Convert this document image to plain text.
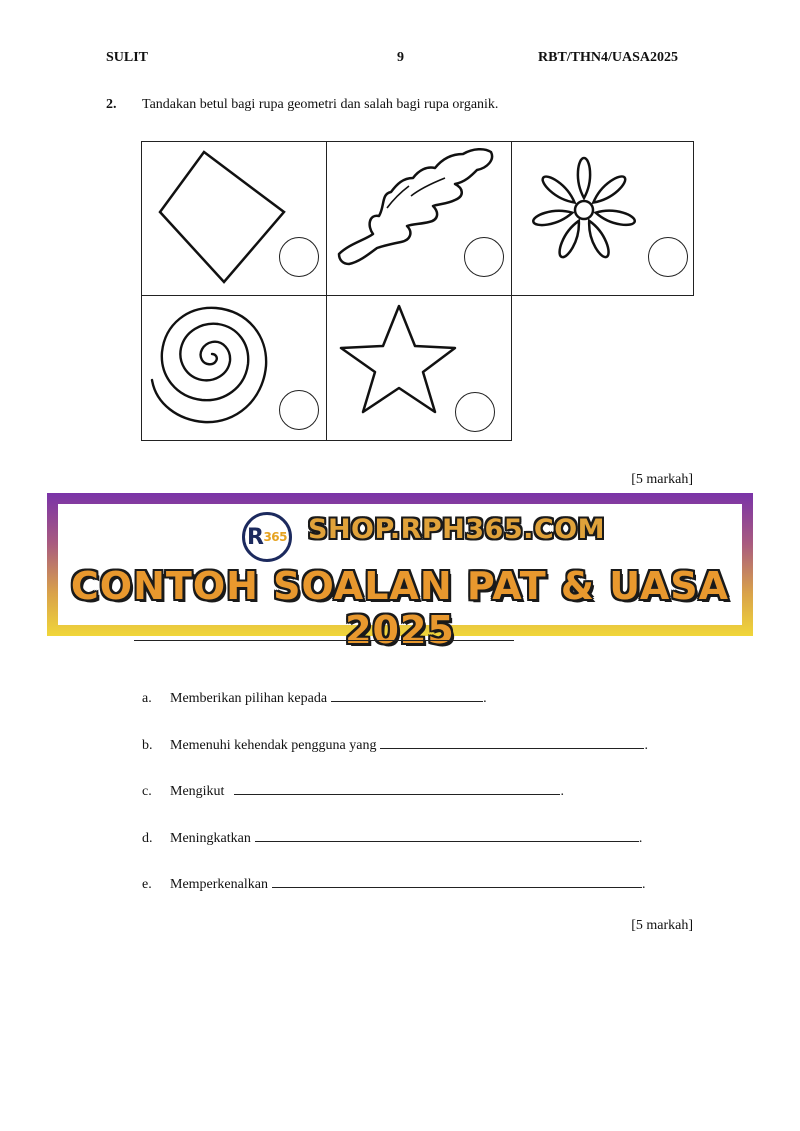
SULIT	9	RBT/THN4/UASA2025
2. Tandakan betul bagi rupa geometri dan salah bagi rupa organik.
[5 markah]
R 365 SHOP.RPH365.COM
CONTOH SOALAN PAT & UASA 2025
a. Memberikan pilihan kepada	.
b. Memenuhi kehendak pengguna yang	.
c. Mengikut	.
d. Meningkatkan	.
e. Memperkenalkan	.
[5 markah]
